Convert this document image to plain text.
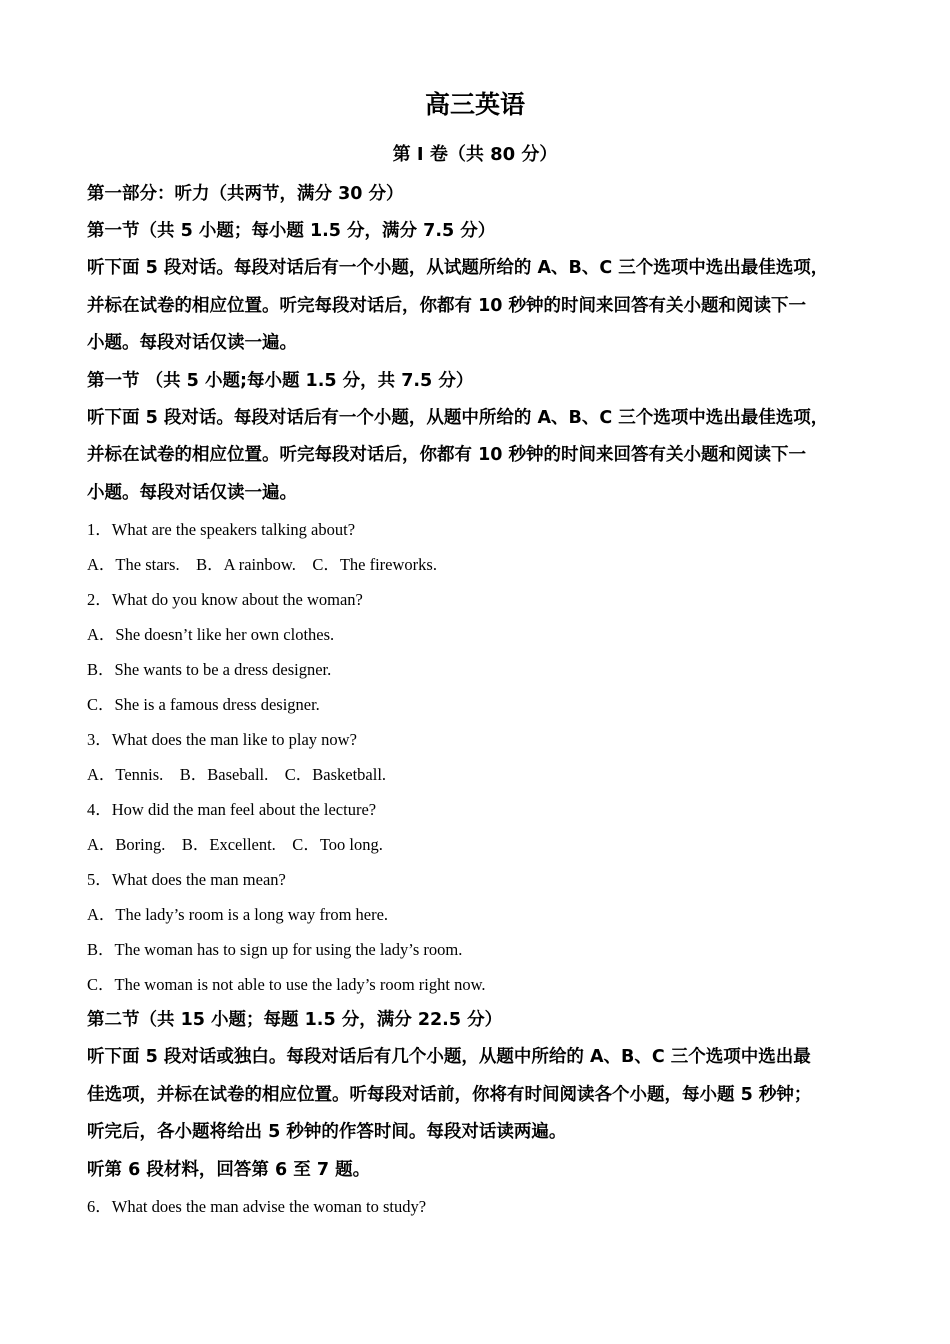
高三英语
第 I 卷（共 80 分）

第一部分：听力（共两节，满分 30 分）

第一节（共 5 小题；每小题 1.5 分，满分 7.5 分）

听下面 5 段对话。每段对话后有一个小题，从试题所给的 A、B、C 三个选项中选出最佳选项，
并标在试卷的相应位置。听完每段对话后，你都有 10 秒钟的时间来回答有关小题和阅读下一
小题。每段对话仅读一遍。

第一节 （共 5 小题;每小题 1.5 分，共 7.5 分）

听下面 5 段对话。每段对话后有一个小题，从题中所给的 A、B、C 三个选项中选出最佳选项，
并标在试卷的相应位置。听完每段对话后，你都有 10 秒钟的时间来回答有关小题和阅读下一
小题。每段对话仅读一遍。

1．What are the speakers talking about?

A．The stars.    B．A rainbow.    C．The fireworks.

2．What do you know about the woman?

A．She doesn’t like her own clothes.

B．She wants to be a dress designer.

C．She is a famous dress designer.

3．What does the man like to play now?

A．Tennis.    B．Baseball.    C．Basketball.

4．How did the man feel about the lecture?

A．Boring.    B．Excellent.    C．Too long.

5．What does the man mean?

A．The lady’s room is a long way from here.

B．The woman has to sign up for using the lady’s room.

C．The woman is not able to use the lady’s room right now.

第二节（共 15 小题；每题 1.5 分，满分 22.5 分）

听下面 5 段对话或独白。每段对话后有几个小题，从题中所给的 A、B、C 三个选项中选出最
佳选项，并标在试卷的相应位置。听每段对话前，你将有时间阅读各个小题，每小题 5 秒钟；
听完后，各小题将给出 5 秒钟的作答时间。每段对话读两遍。

听第 6 段材料，回答第 6 至 7 题。

6．What does the man advise the woman to study?
